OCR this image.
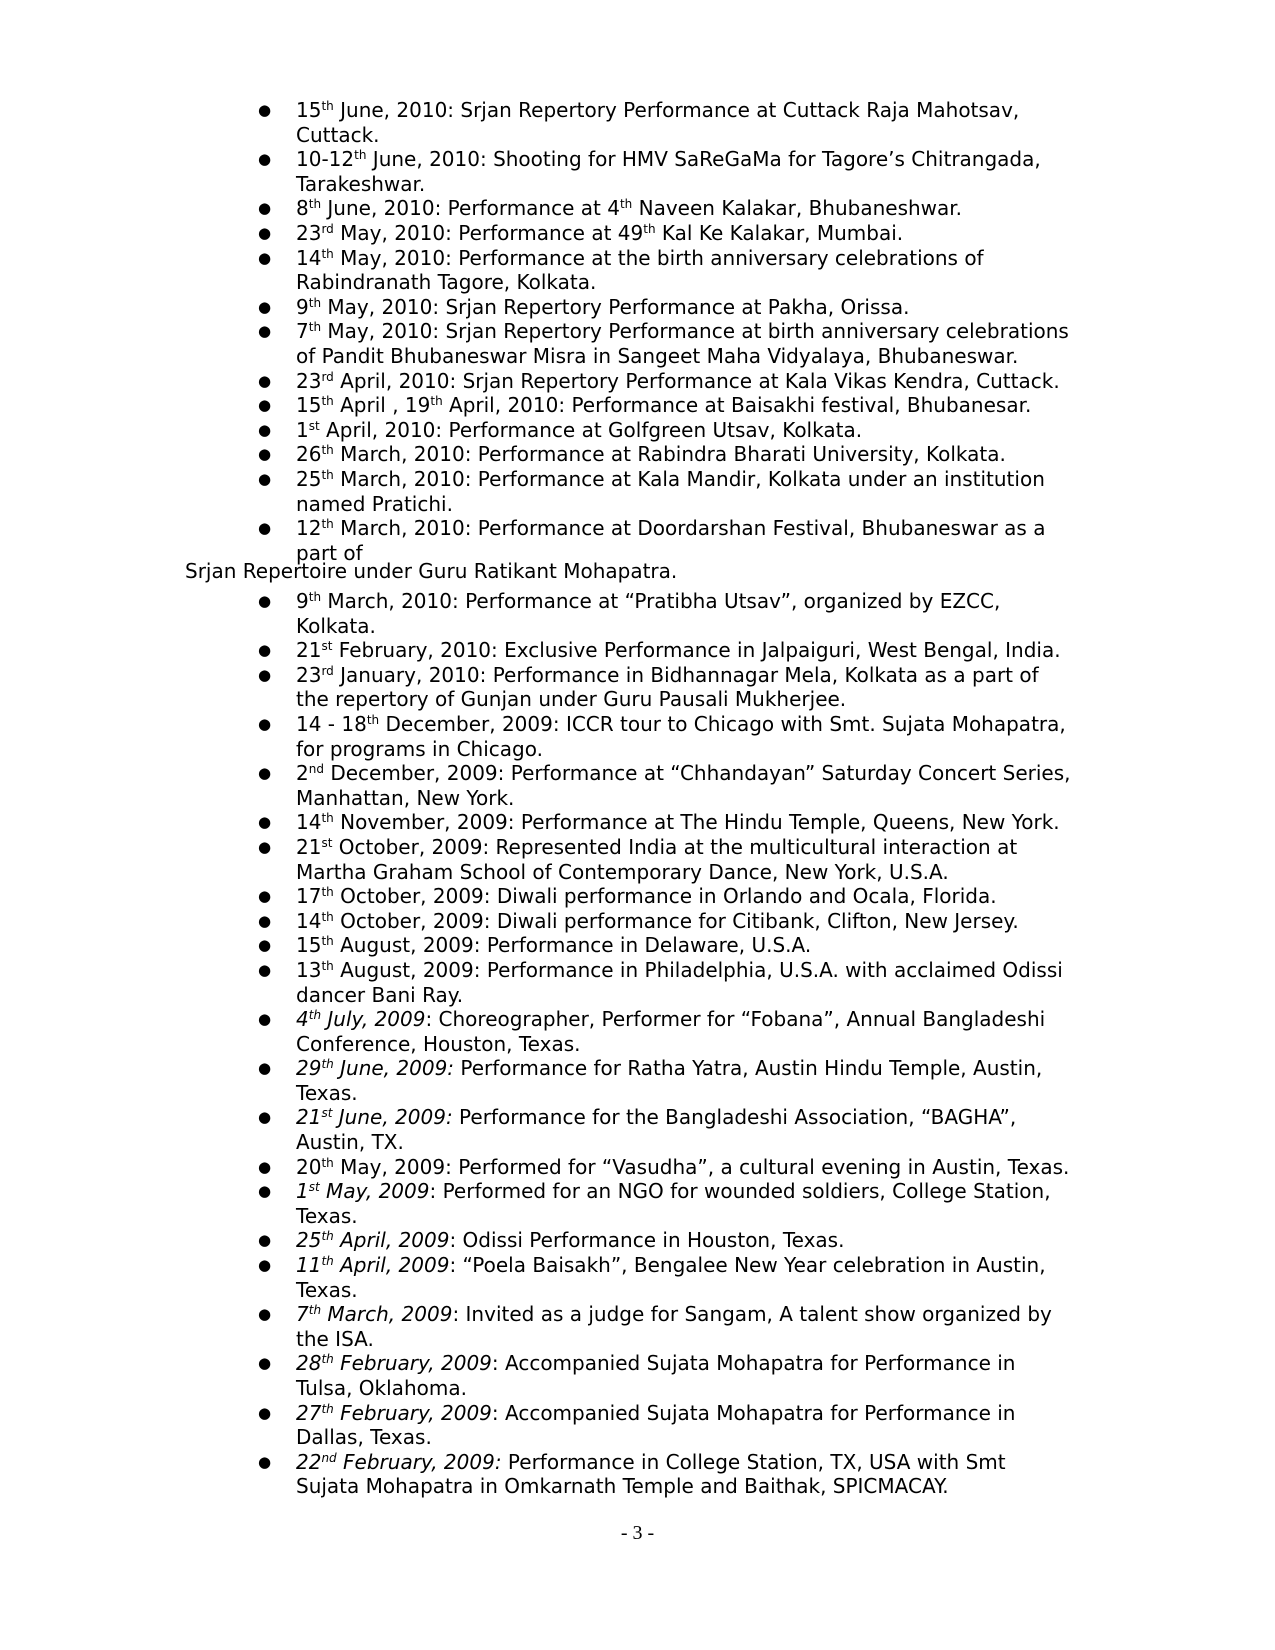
● 15th June, 2010: Srjan Repertory Performance at Cuttack Raja Mahotsav,
Cuttack.
● 10-12th June, 2010: Shooting for HMV SaReGaMa for Tagore’s Chitrangada,
Tarakeshwar.
● 8th June, 2010: Performance at 4th Naveen Kalakar, Bhubaneshwar.
● 23rd May, 2010: Performance at 49th Kal Ke Kalakar, Mumbai.
● 14th May, 2010: Performance at the birth anniversary celebrations of
Rabindranath Tagore, Kolkata.
● 9th May, 2010: Srjan Repertory Performance at Pakha, Orissa.
● 7th May, 2010: Srjan Repertory Performance at birth anniversary celebrations
of Pandit Bhubaneswar Misra in Sangeet Maha Vidyalaya, Bhubaneswar.
● 23rd April, 2010: Srjan Repertory Performance at Kala Vikas Kendra, Cuttack.
● 15th April , 19th April, 2010: Performance at Baisakhi festival, Bhubanesar.
● 1st April, 2010: Performance at Golfgreen Utsav, Kolkata.
● 26th March, 2010: Performance at Rabindra Bharati University, Kolkata.
● 25th March, 2010: Performance at Kala Mandir, Kolkata under an institution
named Pratichi.
● 12th March, 2010: Performance at Doordarshan Festival, Bhubaneswar as a
part of
Srjan Repertoire under Guru Ratikant Mohapatra.
● 9th March, 2010: Performance at “Pratibha Utsav”, organized by EZCC,
Kolkata.
● 21st February, 2010: Exclusive Performance in Jalpaiguri, West Bengal, India.
● 23rd January, 2010: Performance in Bidhannagar Mela, Kolkata as a part of
the repertory of Gunjan under Guru Pausali Mukherjee.
● 14 - 18th December, 2009: ICCR tour to Chicago with Smt. Sujata Mohapatra,
for programs in Chicago.
● 2nd December, 2009: Performance at “Chhandayan” Saturday Concert Series,
Manhattan, New York.
● 14th November, 2009: Performance at The Hindu Temple, Queens, New York.
● 21st October, 2009: Represented India at the multicultural interaction at
Martha Graham School of Contemporary Dance, New York, U.S.A.
● 17th October, 2009: Diwali performance in Orlando and Ocala, Florida.
● 14th October, 2009: Diwali performance for Citibank, Clifton, New Jersey.
● 15th August, 2009: Performance in Delaware, U.S.A.
● 13th August, 2009: Performance in Philadelphia, U.S.A. with acclaimed Odissi
dancer Bani Ray.
● 4th July, 2009: Choreographer, Performer for “Fobana”, Annual Bangladeshi
Conference, Houston, Texas.
● 29th June, 2009: Performance for Ratha Yatra, Austin Hindu Temple, Austin,
Texas.
● 21st June, 2009: Performance for the Bangladeshi Association, “BAGHA”,
Austin, TX.
● 20th May, 2009: Performed for “Vasudha”, a cultural evening in Austin, Texas.
● 1st May, 2009: Performed for an NGO for wounded soldiers, College Station,
Texas.
● 25th April, 2009: Odissi Performance in Houston, Texas.
● 11th April, 2009: “Poela Baisakh”, Bengalee New Year celebration in Austin,
Texas.
● 7th March, 2009: Invited as a judge for Sangam, A talent show organized by
the ISA.
● 28th February, 2009: Accompanied Sujata Mohapatra for Performance in
Tulsa, Oklahoma.
● 27th February, 2009: Accompanied Sujata Mohapatra for Performance in
Dallas, Texas.
● 22nd February, 2009: Performance in College Station, TX, USA with Smt
Sujata Mohapatra in Omkarnath Temple and Baithak, SPICMACAY.
- 3 -
